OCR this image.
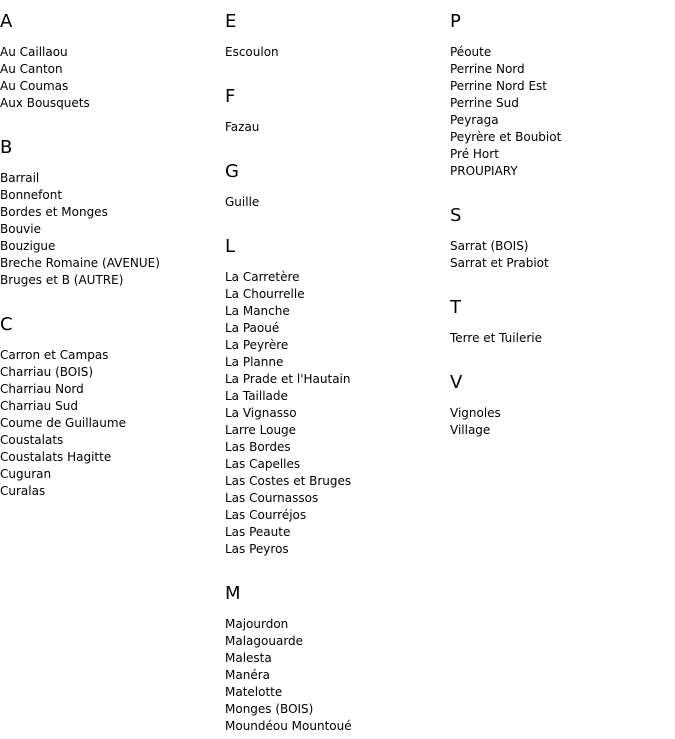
A
Au Caillaou
Au Canton
Au Coumas
Aux Bousquets
B
Barrail
Bonnefont
Bordes et Monges
Bouvie
Bouzigue
Breche Romaine (AVENUE)
Bruges et B (AUTRE)
C
Carron et Campas
Charriau (BOIS)
Charriau Nord
Charriau Sud
Coume de Guillaume
Coustalats
Coustalats Hagitte
Cuguran
Curalas
E
Escoulon
F
Fazau
G
Guille
L
La Carretère
La Chourrelle
La Manche
La Paoué
La Peyrère
La Planne
La Prade et l'Hautain
La Taillade
La Vignasso
Larre Louge
Las Bordes
Las Capelles
Las Costes et Bruges
Las Cournassos
Las Courréjos
Las Peaute
Las Peyros
M
Majourdon
Malagouarde
Malesta
Manéra
Matelotte
Monges (BOIS)
Moundéou Mountoué
P
Péoute
Perrine Nord
Perrine Nord Est
Perrine Sud
Peyraga
Peyrère et Boubiot
Pré Hort
PROUPIARY
S
Sarrat (BOIS)
Sarrat et Prabiot
T
Terre et Tuilerie
V
Vignoles
Village
